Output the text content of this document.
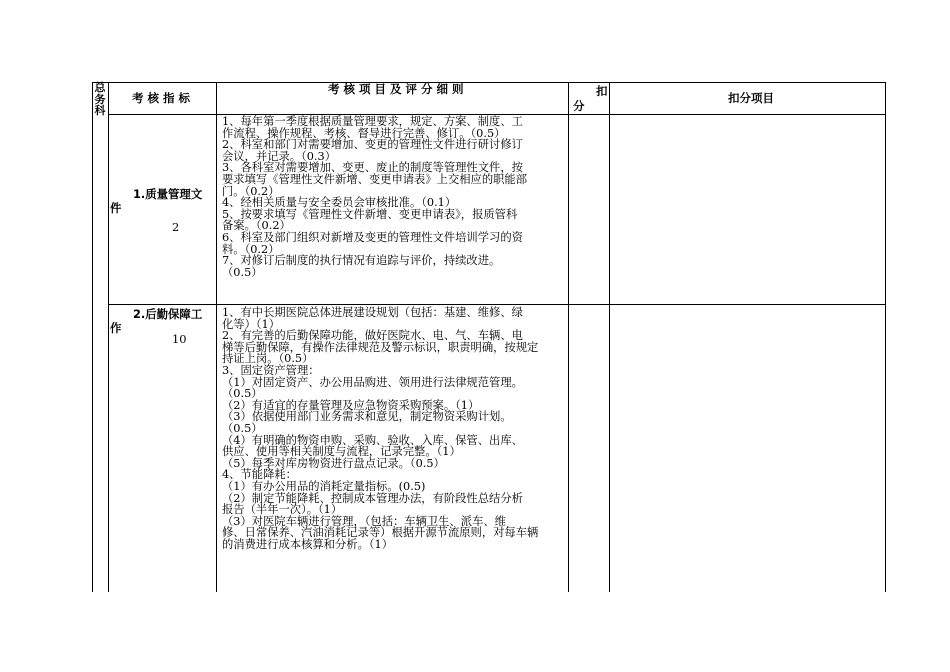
总务科
考 核 指 标
考 核 项 目 及 评 分 细 则	扣
分
扣分项目
1.质量管理文
件
2

1、每年第一季度根据质量管理要求，规定、方案、制度、工

作流程、操作规程、考核、督导进行完善、修订。（0.5）

2、科室和部门对需要增加、变更的管理性文件进行研讨修订

会议，并记录。（0.3）

3、各科室对需要增加、变更、废止的制度等管理性文件，按

要求填写《管理性文件新增、变更申请表》上交相应的职能部

门。（0.2）

4、经相关质量与安全委员会审核批准。（0.1）

5、按要求填写《管理性文件新增、变更申请表》，报质管科

备案。（0.2）

6、科室及部门组织对新增及变更的管理性文件培训学习的资

料。（0.2）

7、对修订后制度的执行情况有追踪与评价，持续改进。

（0.5）

2.后勤保障工
作
10

1、有中长期医院总体进展建设规划（包括：基建、维修、绿

化等）（1）

2、有完善的后勤保障功能，做好医院水、电、气、车辆、电

梯等后勤保障，有操作法律规范及警示标识，职责明确，按规定

持证上岗。（0.5）

3、固定资产管理：

（1）对固定资产、办公用品购进、领用进行法律规范管理。

（0.5）

（2）有适宜的存量管理及应急物资采购预案。（1）

（3）依据使用部门业务需求和意见，制定物资采购计划。

（0.5）

（4）有明确的物资申购、采购、验收、入库、保管、出库、

供应、使用等相关制度与流程，记录完整。（1）

（5）每季对库房物资进行盘点记录。（0.5）

4、节能降耗：

（1）有办公用品的消耗定量指标。(0.5)

（2）制定节能降耗、控制成本管理办法，有阶段性总结分析

报告（半年一次）。（1）

（3）对医院车辆进行管理，（包括：车辆卫生、派车、维

修、日常保养、汽油消耗记录等）根据开源节流原则，对每车辆

的消费进行成本核算和分析。（1）
